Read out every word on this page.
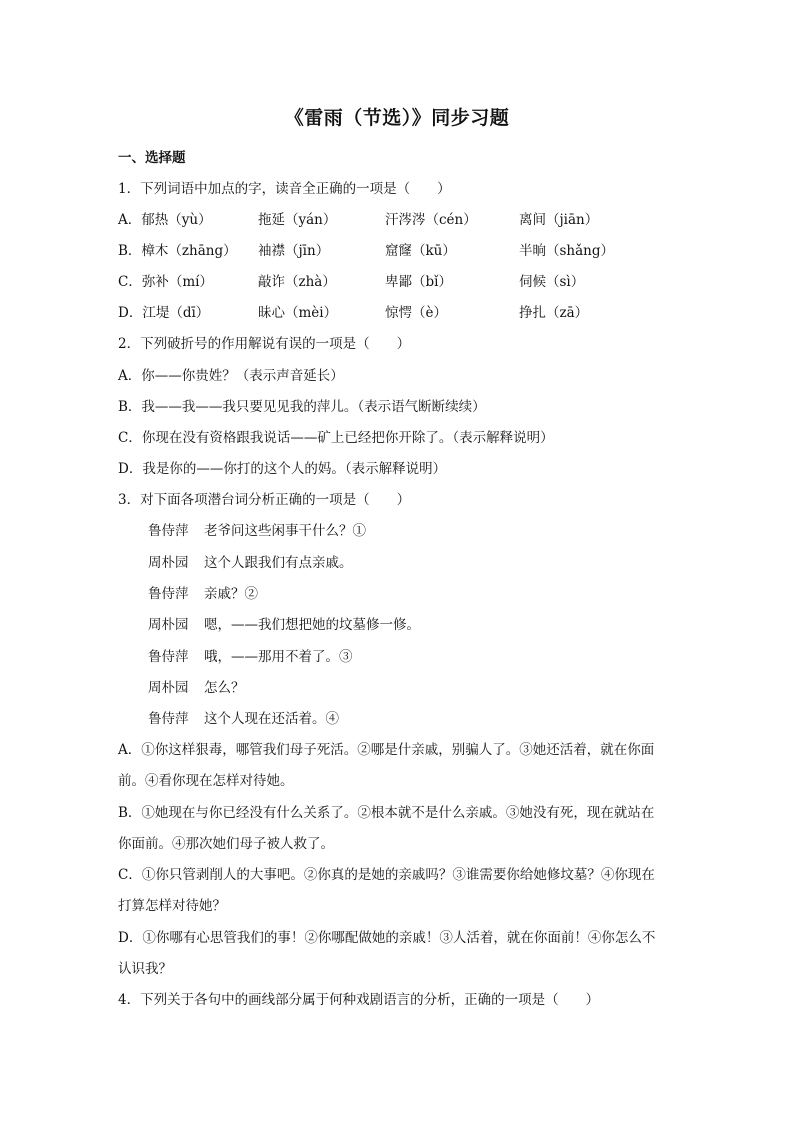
《雷雨（节选）》同步习题
一、选择题
1．下列词语中加点的字，读音全正确的一项是（　　）
A．郁热（yù）	拖延（yán）	汗涔涔（cén）	离间（jiān）
B．樟木（zhāng） 袖襟（jīn）	窟窿（kū）	半晌（shǎng）
C．弥补（mí）	敲诈（zhà）	卑鄙（bǐ）	伺候（sì）
D．江堤（dī）	昧心（mèi）	惊愕（è）	挣扎（zā）
2．下列破折号的作用解说有误的一项是（　　）
A．你——你贵姓？（表示声音延长）
B．我——我——我只要见见我的萍儿。（表示语气断断续续）
C．你现在没有资格跟我说话——矿上已经把你开除了。（表示解释说明）
D．我是你的——你打的这个人的妈。（表示解释说明）
3．对下面各项潜台词分析正确的一项是（　　）
鲁侍萍 老爷问这些闲事干什么？①
周朴园 这个人跟我们有点亲戚。
鲁侍萍 亲戚？②
周朴园 嗯，——我们想把她的坟墓修一修。
鲁侍萍 哦，——那用不着了。③
周朴园 怎么？
鲁侍萍 这个人现在还活着。④
A．①你这样狠毒，哪管我们母子死活。②哪是什亲戚，别骗人了。③她还活着，就在你面
前。④看你现在怎样对待她。
B．①她现在与你已经没有什么关系了。②根本就不是什么亲戚。③她没有死，现在就站在
你面前。④那次她们母子被人救了。
C．①你只管剥削人的大事吧。②你真的是她的亲戚吗？③谁需要你给她修坟墓？④你现在
打算怎样对待她？
D．①你哪有心思管我们的事！②你哪配做她的亲戚！③人活着，就在你面前！④你怎么不
认识我？
4．下列关于各句中的画线部分属于何种戏剧语言的分析，正确的一项是（　　）
